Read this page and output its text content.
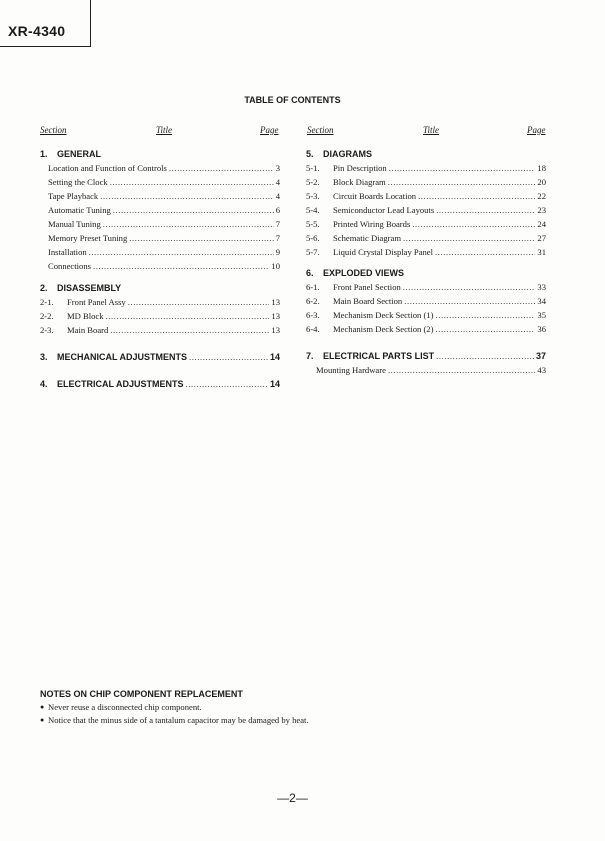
XR-4340
TABLE OF CONTENTS
Section	Title	Page	Section	Title	Page
1.	GENERAL
Location and Function of Controls .....	3
Setting the Clock .....	4
Tape Playback .....	4
Automatic Tuning .....	6
Manual Tuning .....	7
Memory Preset Tuning .....	7
Installation .....	9
Connections .....	10
2.	DISASSEMBLY
2-1.	Front Panel Assy .....	13
2-2.	MD Block .....	13
2-3.	Main Board .....	13
3.	MECHANICAL ADJUSTMENTS .....	14
4.	ELECTRICAL ADJUSTMENTS .....	14
5.	DIAGRAMS
5-1.	Pin Description .....	18
5-2.	Block Diagram .....	20
5-3.	Circuit Boards Location .....	22
5-4.	Semiconductor Lead Layouts .....	23
5-5.	Printed Wiring Boards .....	24
5-6.	Schematic Diagram .....	27
5-7.	Liquid Crystal Display Panel .....	31
6.	EXPLODED VIEWS
6-1.	Front Panel Section .....	33
6-2.	Main Board Section .....	34
6-3.	Mechanism Deck Section (1) .....	35
6-4.	Mechanism Deck Section (2) .....	36
7.	ELECTRICAL PARTS LIST .....	37
Mounting Hardware .....	43
NOTES ON CHIP COMPONENT REPLACEMENT
● Never reuse a disconnected chip component.
● Notice that the minus side of a tantalum capacitor may be damaged by heat.
—2—
